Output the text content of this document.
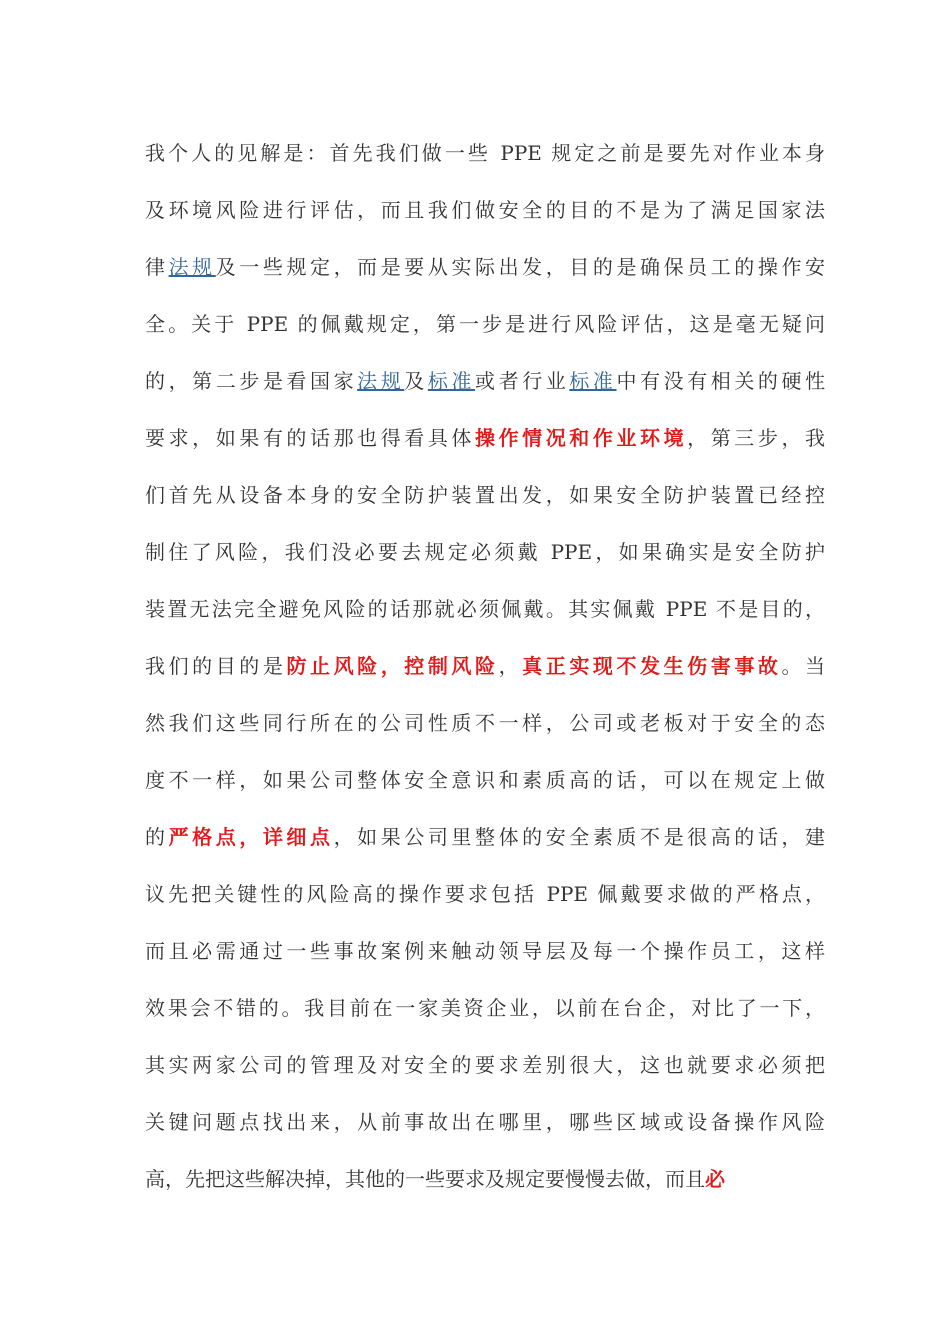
我个人的见解是：首先我们做一些 PPE 规定之前是要先对作业本身
及环境风险进行评估，而且我们做安全的目的不是为了满足国家法
律法规及一些规定，而是要从实际出发，目的是确保员工的操作安
全。关于 PPE 的佩戴规定，第一步是进行风险评估，这是毫无疑问
的，第二步是看国家法规及标准或者行业标准中有没有相关的硬性
要求，如果有的话那也得看具体操作情况和作业环境，第三步，我
们首先从设备本身的安全防护装置出发，如果安全防护装置已经控
制住了风险，我们没必要去规定必须戴 PPE，如果确实是安全防护
装置无法完全避免风险的话那就必须佩戴。其实佩戴 PPE 不是目的，
我们的目的是防止风险，控制风险，真正实现不发生伤害事故。当
然我们这些同行所在的公司性质不一样，公司或老板对于安全的态
度不一样，如果公司整体安全意识和素质高的话，可以在规定上做
的严格点，详细点，如果公司里整体的安全素质不是很高的话，建
议先把关键性的风险高的操作要求包括 PPE 佩戴要求做的严格点，
而且必需通过一些事故案例来触动领导层及每一个操作员工，这样
效果会不错的。我目前在一家美资企业，以前在台企，对比了一下，
其实两家公司的管理及对安全的要求差别很大，这也就要求必须把
关键问题点找出来，从前事故出在哪里，哪些区域或设备操作风险
高，先把这些解决掉，其他的一些要求及规定要慢慢去做，而且必
